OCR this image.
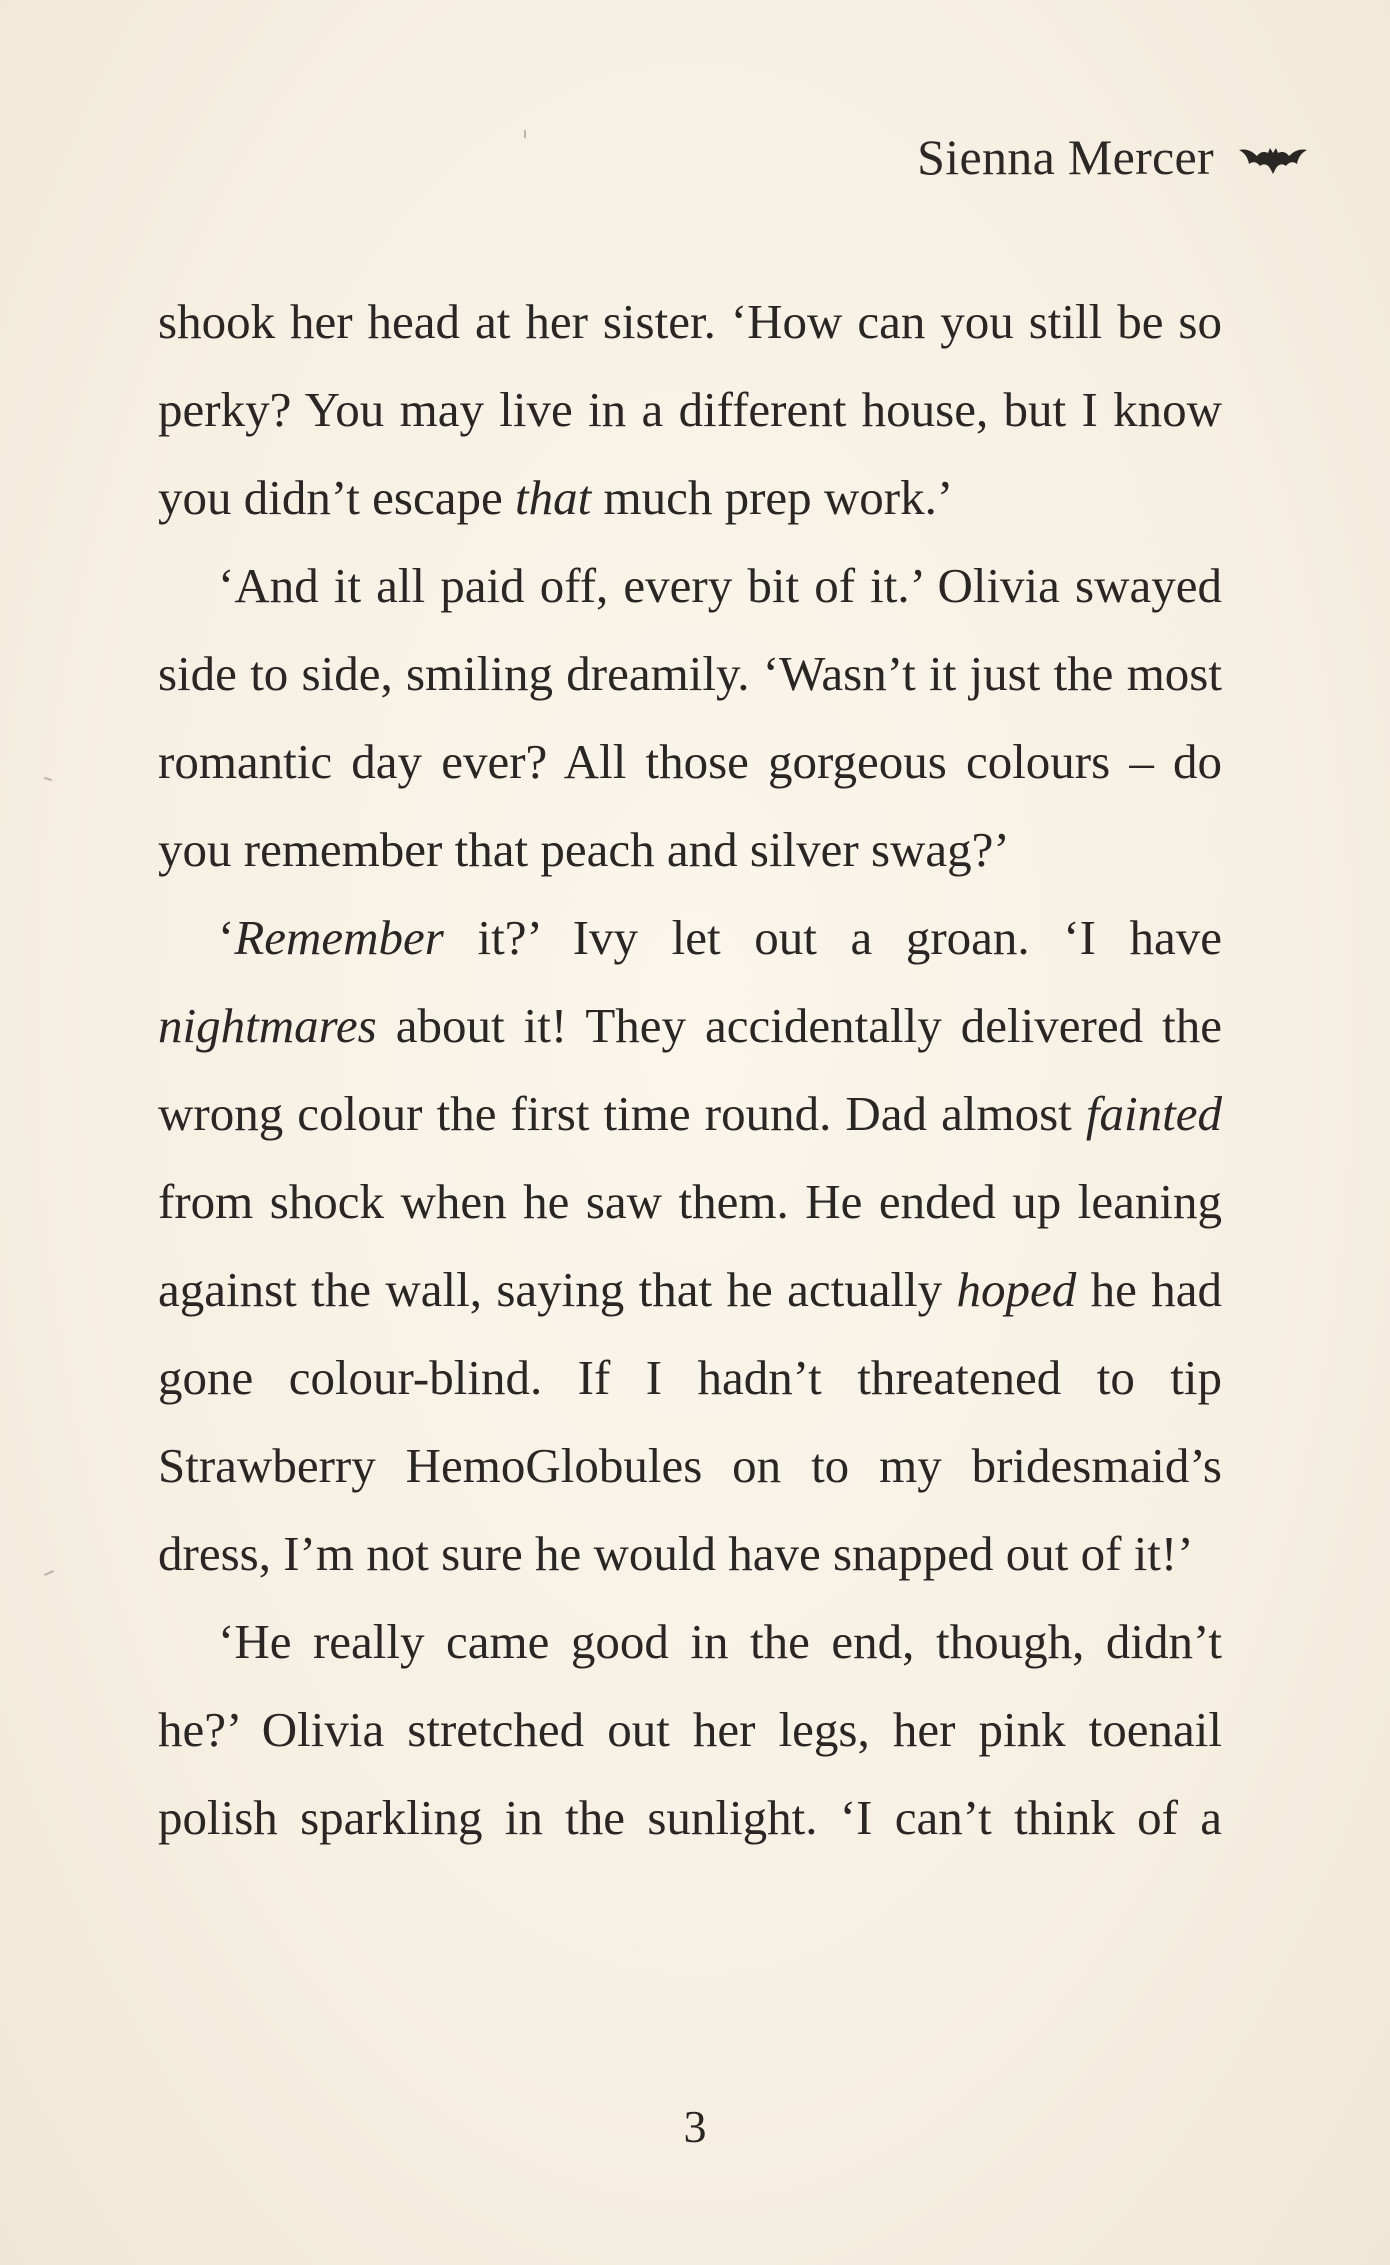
Sienna Mercer

shook her head at her sister. ‘How can you still be so perky? You may live in a different house, but I know you didn’t escape that much prep work.’

‘And it all paid off, every bit of it.’ Olivia swayed side to side, smiling dreamily. ‘Wasn’t it just the most romantic day ever? All those gorgeous colours – do you remember that peach and silver swag?’

‘Remember it?’ Ivy let out a groan. ‘I have nightmares about it! They accidentally delivered the wrong colour the first time round. Dad almost fainted from shock when he saw them. He ended up leaning against the wall, saying that he actually hoped he had gone colour-blind. If I hadn’t threatened to tip Strawberry HemoGlobules on to my bridesmaid’s dress, I’m not sure he would have snapped out of it!’

‘He really came good in the end, though, didn’t he?’ Olivia stretched out her legs, her pink toenail polish sparkling in the sunlight. ‘I can’t think of a

3
